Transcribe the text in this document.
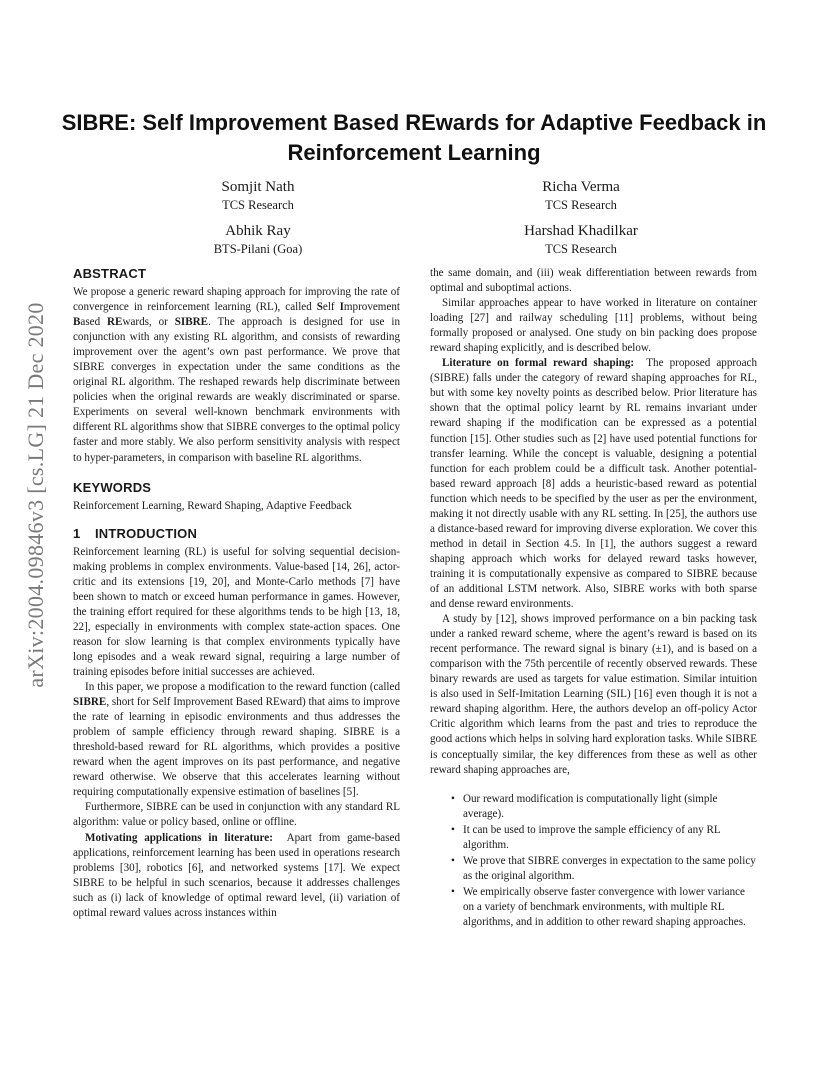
arXiv:2004.09846v3 [cs.LG] 21 Dec 2020
SIBRE: Self Improvement Based REwards for Adaptive Feedback in Reinforcement Learning
Somjit Nath
TCS Research
Richa Verma
TCS Research
Abhik Ray
BTS-Pilani (Goa)
Harshad Khadilkar
TCS Research
ABSTRACT

We propose a generic reward shaping approach for improving the rate of convergence in reinforcement learning (RL), called Self Improvement Based REwards, or SIBRE. The approach is designed for use in conjunction with any existing RL algorithm, and consists of rewarding improvement over the agent’s own past performance. We prove that SIBRE converges in expectation under the same conditions as the original RL algorithm. The reshaped rewards help discriminate between policies when the original rewards are weakly discriminated or sparse. Experiments on several well-known benchmark environments with different RL algorithms show that SIBRE converges to the optimal policy faster and more stably. We also perform sensitivity analysis with respect to hyper-parameters, in comparison with baseline RL algorithms.

KEYWORDS

Reinforcement Learning, Reward Shaping, Adaptive Feedback

1 INTRODUCTION

Reinforcement learning (RL) is useful for solving sequential decision-making problems in complex environments. Value-based [14, 26], actor-critic and its extensions [19, 20], and Monte-Carlo methods [7] have been shown to match or exceed human performance in games. However, the training effort required for these algorithms tends to be high [13, 18, 22], especially in environments with complex state-action spaces. One reason for slow learning is that complex environments typically have long episodes and a weak reward signal, requiring a large number of training episodes before initial successes are achieved.

In this paper, we propose a modification to the reward function (called SIBRE, short for Self Improvement Based REward) that aims to improve the rate of learning in episodic environments and thus addresses the problem of sample efficiency through reward shaping. SIBRE is a threshold-based reward for RL algorithms, which provides a positive reward when the agent improves on its past performance, and negative reward otherwise. We observe that this accelerates learning without requiring computationally expensive estimation of baselines [5].

Furthermore, SIBRE can be used in conjunction with any standard RL algorithm: value or policy based, online or offline.

Motivating applications in literature: Apart from game-based applications, reinforcement learning has been used in operations research problems [30], robotics [6], and networked systems [17]. We expect SIBRE to be helpful in such scenarios, because it addresses challenges such as (i) lack of knowledge of optimal reward level, (ii) variation of optimal reward values across instances within

the same domain, and (iii) weak differentiation between rewards from optimal and suboptimal actions.

Similar approaches appear to have worked in literature on container loading [27] and railway scheduling [11] problems, without being formally proposed or analysed. One study on bin packing does propose reward shaping explicitly, and is described below.

Literature on formal reward shaping: The proposed approach (SIBRE) falls under the category of reward shaping approaches for RL, but with some key novelty points as described below. Prior literature has shown that the optimal policy learnt by RL remains invariant under reward shaping if the modification can be expressed as a potential function [15]. Other studies such as [2] have used potential functions for transfer learning. While the concept is valuable, designing a potential function for each problem could be a difficult task. Another potential-based reward approach [8] adds a heuristic-based reward as potential function which needs to be specified by the user as per the environment, making it not directly usable with any RL setting. In [25], the authors use a distance-based reward for improving diverse exploration. We cover this method in detail in Section 4.5. In [1], the authors suggest a reward shaping approach which works for delayed reward tasks however, training it is computationally expensive as compared to SIBRE because of an additional LSTM network. Also, SIBRE works with both sparse and dense reward environments.

A study by [12], shows improved performance on a bin packing task under a ranked reward scheme, where the agent’s reward is based on its recent performance. The reward signal is binary (±1), and is based on a comparison with the 75th percentile of recently observed rewards. These binary rewards are used as targets for value estimation. Similar intuition is also used in Self-Imitation Learning (SIL) [16] even though it is not a reward shaping algorithm. Here, the authors develop an off-policy Actor Critic algorithm which learns from the past and tries to reproduce the good actions which helps in solving hard exploration tasks. While SIBRE is conceptually similar, the key differences from these as well as other reward shaping approaches are,

• Our reward modification is computationally light (simple average).
• It can be used to improve the sample efficiency of any RL algorithm.
• We prove that SIBRE converges in expectation to the same policy as the original algorithm.
• We empirically observe faster convergence with lower variance on a variety of benchmark environments, with multiple RL algorithms, and in addition to other reward shaping approaches.
